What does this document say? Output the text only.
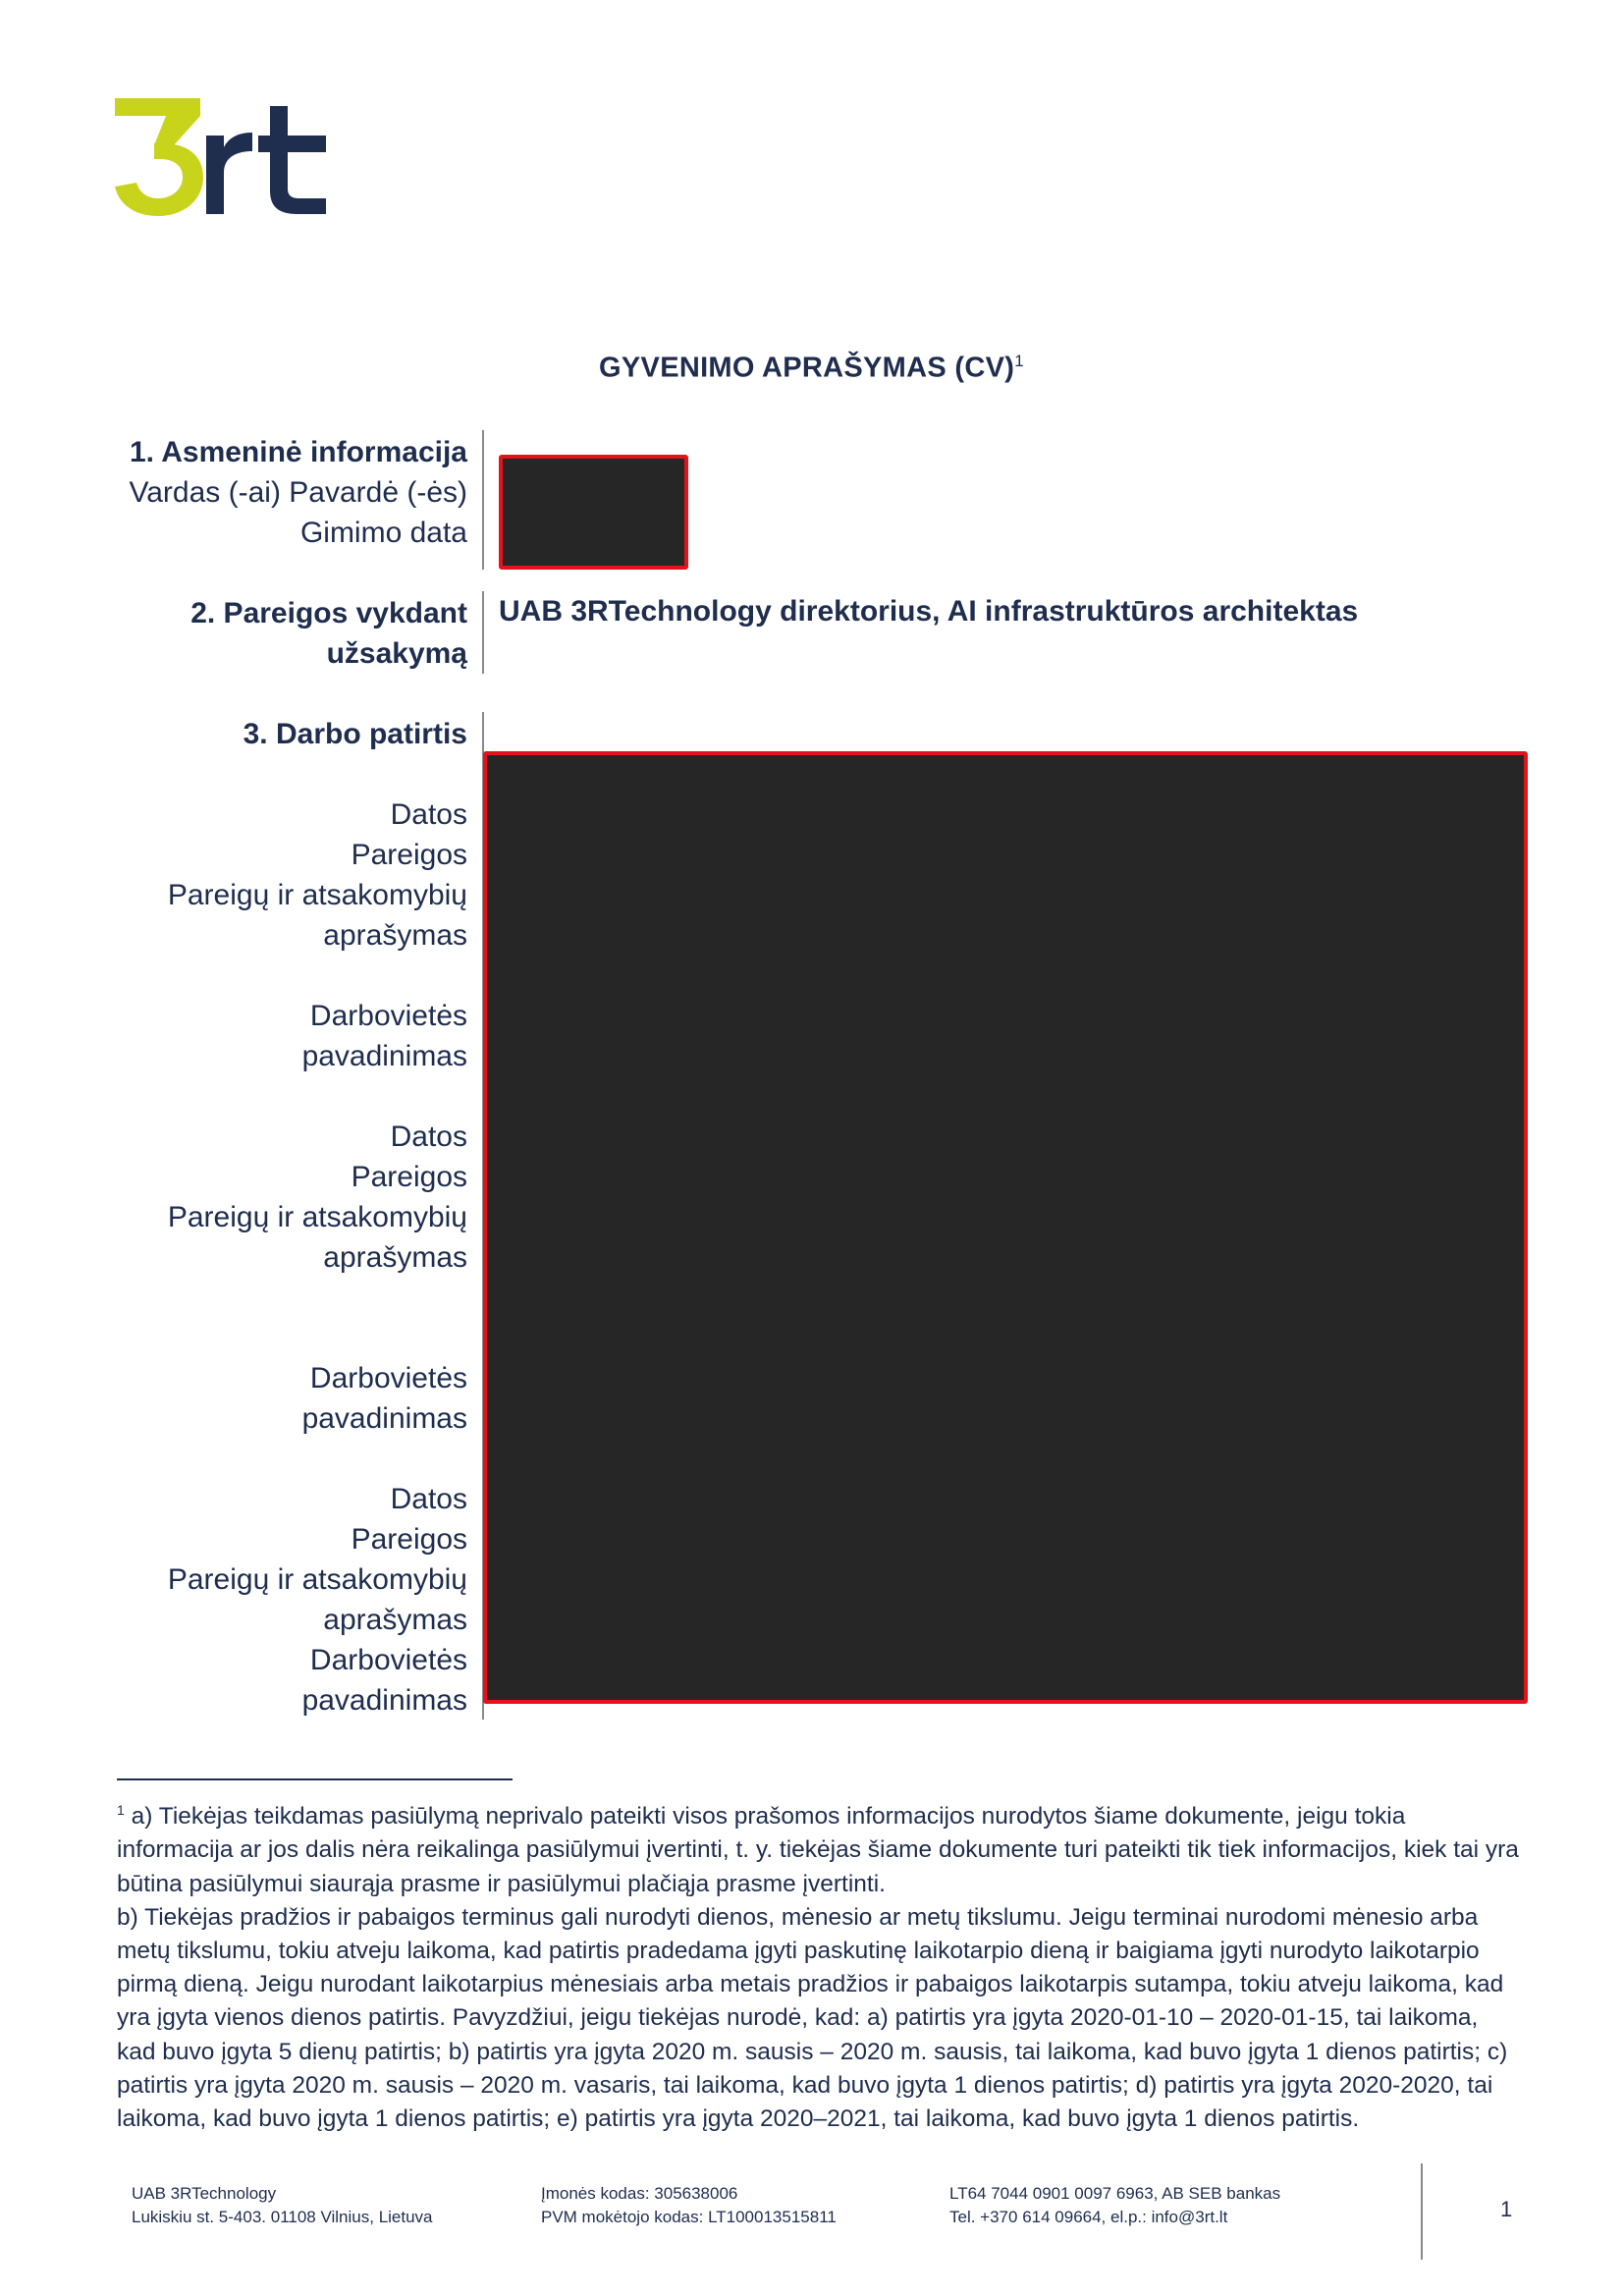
GYVENIMO APRAŠYMAS (CV)$^1$
1. Asmeninė informacija
Vardas (-ai) Pavardė (-ės)
Gimimo data
2. Pareigos vykdant
užsakymą
UAB 3RTechnology direktorius, AI infrastruktūros architektas
3. Darbo patirtis
Datos
Pareigos
Pareigų ir atsakomybių
aprašymas
Darbovietės
pavadinimas
Datos
Pareigos
Pareigų ir atsakomybių
aprašymas
Darbovietės
pavadinimas
Datos
Pareigos
Pareigų ir atsakomybių
aprašymas
Darbovietės
pavadinimas

$^1$ a) Tiekėjas teikdamas pasiūlymą neprivalo pateikti visos prašomos informacijos nurodytos šiame dokumente, jeigu tokia informacija ar jos dalis nėra reikalinga pasiūlymui įvertinti, t. y. tiekėjas šiame dokumente turi pateikti tik tiek informacijos, kiek tai yra būtina pasiūlymui siaurąja prasme ir pasiūlymui plačiąja prasme įvertinti.

b) Tiekėjas pradžios ir pabaigos terminus gali nurodyti dienos, mėnesio ar metų tikslumu. Jeigu terminai nurodomi mėnesio arba metų tikslumu, tokiu atveju laikoma, kad patirtis pradedama įgyti paskutinę laikotarpio dieną ir baigiama įgyti nurodyto laikotarpio pirmą dieną. Jeigu nurodant laikotarpius mėnesiais arba metais pradžios ir pabaigos laikotarpis sutampa, tokiu atveju laikoma, kad yra įgyta vienos dienos patirtis. Pavyzdžiui, jeigu tiekėjas nurodė, kad: a) patirtis yra įgyta 2020-01-10 – 2020-01-15, tai laikoma, kad buvo įgyta 5 dienų patirtis; b) patirtis yra įgyta 2020 m. sausis – 2020 m. sausis, tai laikoma, kad buvo įgyta 1 dienos patirtis; c) patirtis yra įgyta 2020 m. sausis – 2020 m. vasaris, tai laikoma, kad buvo įgyta 1 dienos patirtis; d) patirtis yra įgyta 2020-2020, tai laikoma, kad buvo įgyta 1 dienos patirtis; e) patirtis yra įgyta 2020–2021, tai laikoma, kad buvo įgyta 1 dienos patirtis.

UAB 3RTechnology
Lukiskiu st. 5-403. 01108 Vilnius, Lietuva
Įmonės kodas: 305638006
PVM mokėtojo kodas: LT100013515811
LT64 7044 0901 0097 6963, AB SEB bankas
Tel. +370 614 09664, el.p.: info@3rt.lt	1
